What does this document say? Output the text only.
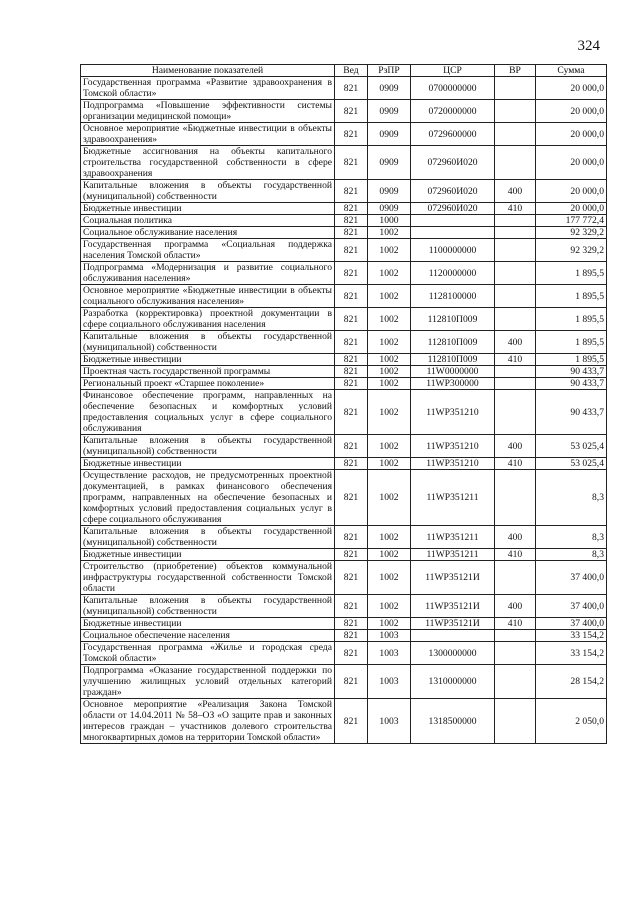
324
Наименование показателей	Вед	РзПР	ЦСР	ВР	Сумма
Государственная программа «Развитие здравоохранения в Томской области»	821	0909	0700000000		20 000,0
Подпрограмма «Повышение эффективности системы организации медицинской помощи»	821	0909	0720000000		20 000,0
Основное мероприятие «Бюджетные инвестиции в объекты здравоохранения»	821	0909	0729600000		20 000,0
Бюджетные ассигнования на объекты капитального строительства государственной собственности в сфере здравоохранения	821	0909	072960И020		20 000,0
Капитальные вложения в объекты государственной (муниципальной) собственности	821	0909	072960И020	400	20 000,0
Бюджетные инвестиции	821	0909	072960И020	410	20 000,0
Социальная политика	821	1000			177 772,4
Социальное обслуживание населения	821	1002			92 329,2
Государственная программа «Социальная поддержка населения Томской области»	821	1002	1100000000		92 329,2
Подпрограмма «Модернизация и развитие социального обслуживания населения»	821	1002	1120000000		1 895,5
Основное мероприятие «Бюджетные инвестиции в объекты социального обслуживания населения»	821	1002	1128100000		1 895,5
Разработка (корректировка) проектной документации в сфере социального обслуживания населения	821	1002	112810П009		1 895,5
Капитальные вложения в объекты государственной (муниципальной) собственности	821	1002	112810П009	400	1 895,5
Бюджетные инвестиции	821	1002	112810П009	410	1 895,5
Проектная часть государственной программы	821	1002	11W0000000		90 433,7
Региональный проект «Старшее поколение»	821	1002	11WP300000		90 433,7
Финансовое обеспечение программ, направленных на обеспечение безопасных и комфортных условий предоставления социальных услуг в сфере социального обслуживания	821	1002	11WP351210		90 433,7
Капитальные вложения в объекты государственной (муниципальной) собственности	821	1002	11WP351210	400	53 025,4
Бюджетные инвестиции	821	1002	11WP351210	410	53 025,4
Осуществление расходов, не предусмотренных проектной документацией, в рамках финансового обеспечения программ, направленных на обеспечение безопасных и комфортных условий предоставления социальных услуг в сфере социального обслуживания	821	1002	11WP351211		8,3
Капитальные вложения в объекты государственной (муниципальной) собственности	821	1002	11WP351211	400	8,3
Бюджетные инвестиции	821	1002	11WP351211	410	8,3
Строительство (приобретение) объектов коммунальной инфраструктуры государственной собственности Томской области	821	1002	11WP35121И		37 400,0
Капитальные вложения в объекты государственной (муниципальной) собственности	821	1002	11WP35121И	400	37 400,0
Бюджетные инвестиции	821	1002	11WP35121И	410	37 400,0
Социальное обеспечение населения	821	1003			33 154,2
Государственная программа «Жилье и городская среда Томской области»	821	1003	1300000000		33 154,2
Подпрограмма «Оказание государственной поддержки по улучшению жилищных условий отдельных категорий граждан»	821	1003	1310000000		28 154,2
Основное мероприятие «Реализация Закона Томской области от 14.04.2011 № 58–ОЗ «О защите прав и законных интересов граждан – участников долевого строительства многоквартирных домов на территории Томской области»	821	1003	1318500000		2 050,0
